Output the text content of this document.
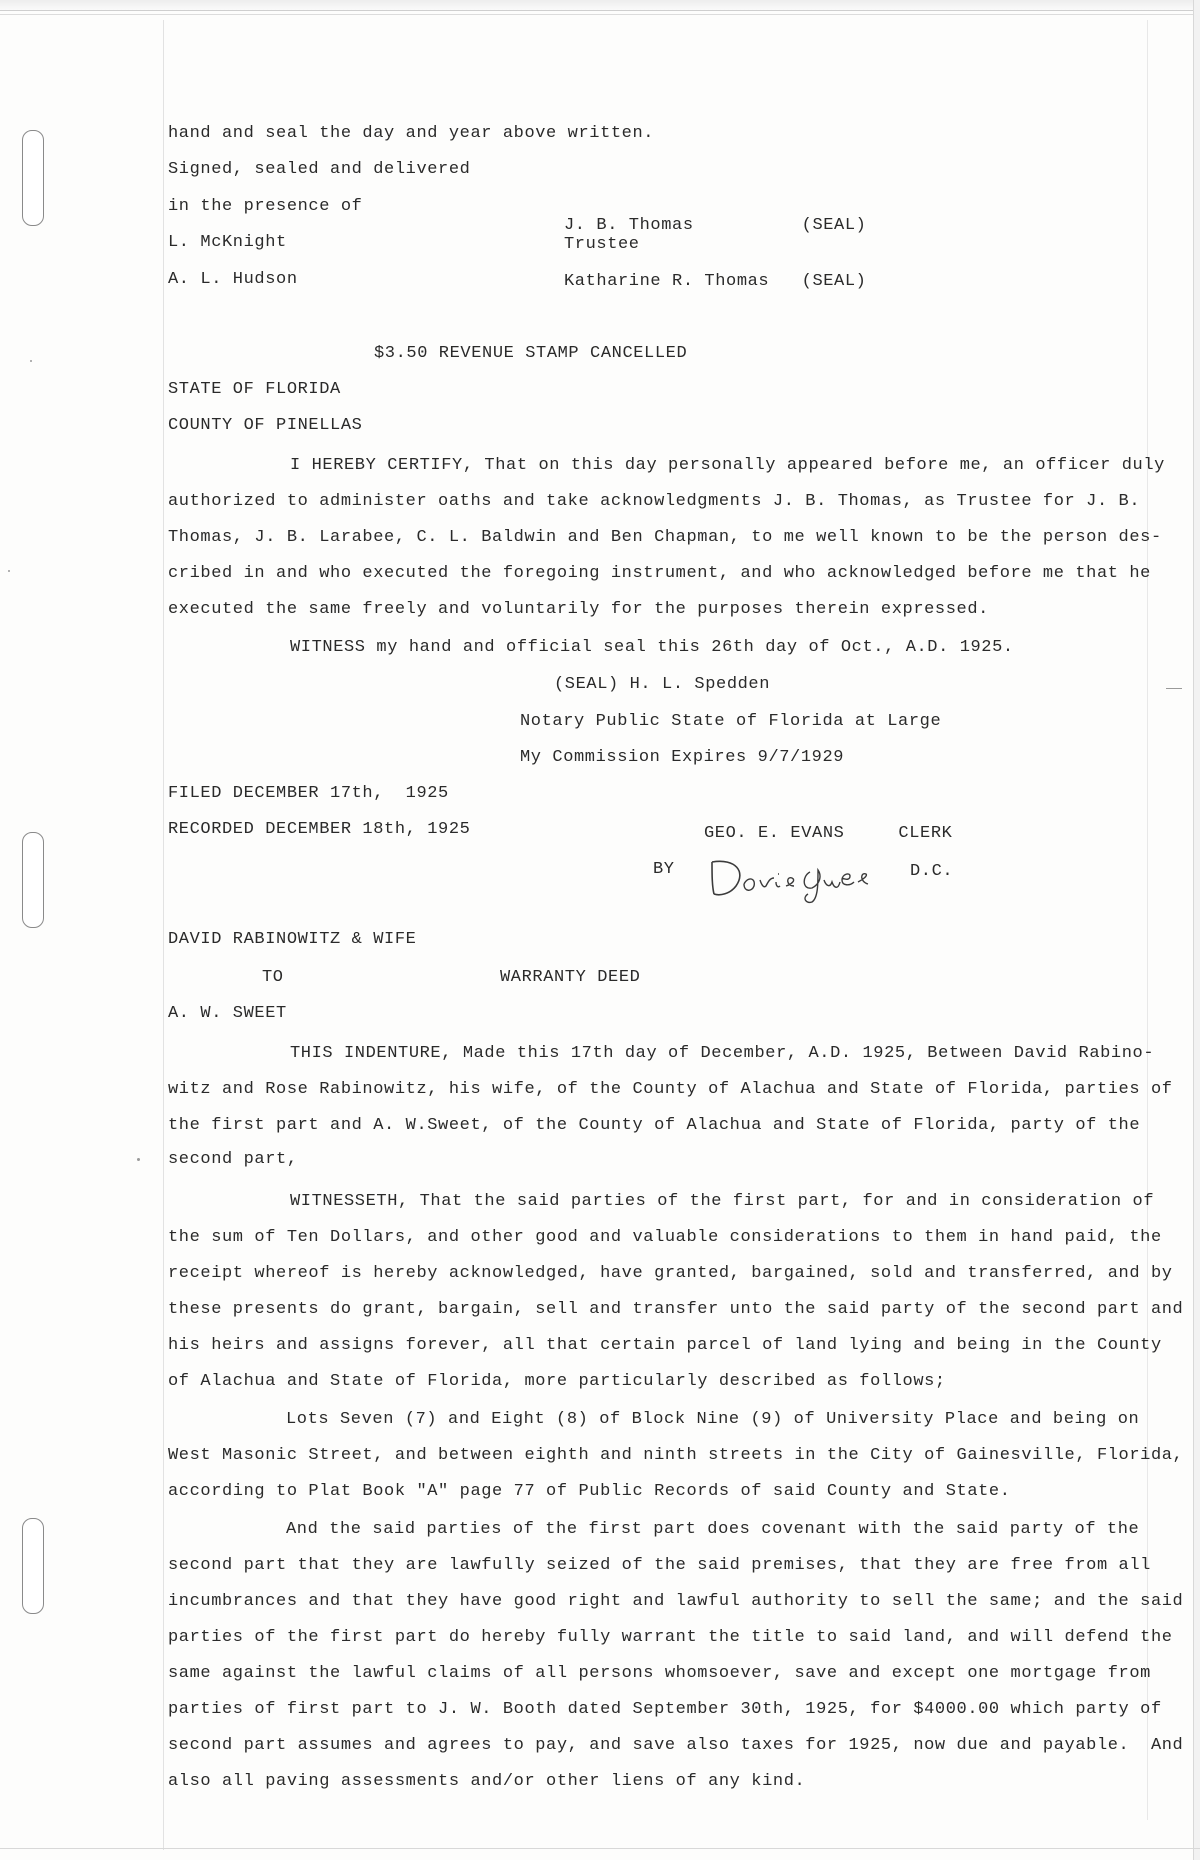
hand and seal the day and year above written.
Signed, sealed and delivered
in the presence of
J. B. Thomas          (SEAL)
L. McKnight	Trustee
A. L. Hudson	Katharine R. Thomas   (SEAL)
$3.50 REVENUE STAMP CANCELLED
STATE OF FLORIDA
COUNTY OF PINELLAS
I HEREBY CERTIFY, That on this day personally appeared before me, an officer duly
authorized to administer oaths and take acknowledgments J. B. Thomas, as Trustee for J. B.
Thomas, J. B. Larabee, C. L. Baldwin and Ben Chapman, to me well known to be the person des-
cribed in and who executed the foregoing instrument, and who acknowledged before me that he
executed the same freely and voluntarily for the purposes therein expressed.
WITNESS my hand and official seal this 26th day of Oct., A.D. 1925.
(SEAL) H. L. Spedden
Notary Public State of Florida at Large
My Commission Expires 9/7/1929
FILED DECEMBER 17th,  1925
RECORDED DECEMBER 18th, 1925	GEO. E. EVANS     CLERK
BY	D.C.
DAVID RABINOWITZ & WIFE
TO	WARRANTY DEED
A. W. SWEET
THIS INDENTURE, Made this 17th day of December, A.D. 1925, Between David Rabino-
witz and Rose Rabinowitz, his wife, of the County of Alachua and State of Florida, parties of
the first part and A. W.Sweet, of the County of Alachua and State of Florida, party of the
second part,
WITNESSETH, That the said parties of the first part, for and in consideration of
the sum of Ten Dollars, and other good and valuable considerations to them in hand paid, the
receipt whereof is hereby acknowledged, have granted, bargained, sold and transferred, and by
these presents do grant, bargain, sell and transfer unto the said party of the second part and
his heirs and assigns forever, all that certain parcel of land lying and being in the County
of Alachua and State of Florida, more particularly described as follows;
Lots Seven (7) and Eight (8) of Block Nine (9) of University Place and being on
West Masonic Street, and between eighth and ninth streets in the City of Gainesville, Florida,
according to Plat Book "A" page 77 of Public Records of said County and State.
And the said parties of the first part does covenant with the said party of the
second part that they are lawfully seized of the said premises, that they are free from all
incumbrances and that they have good right and lawful authority to sell the same; and the said
parties of the first part do hereby fully warrant the title to said land, and will defend the
same against the lawful claims of all persons whomsoever, save and except one mortgage from
parties of first part to J. W. Booth dated September 30th, 1925, for $4000.00 which party of
second part assumes and agrees to pay, and save also taxes for 1925, now due and payable.  And
also all paving assessments and/or other liens of any kind.
